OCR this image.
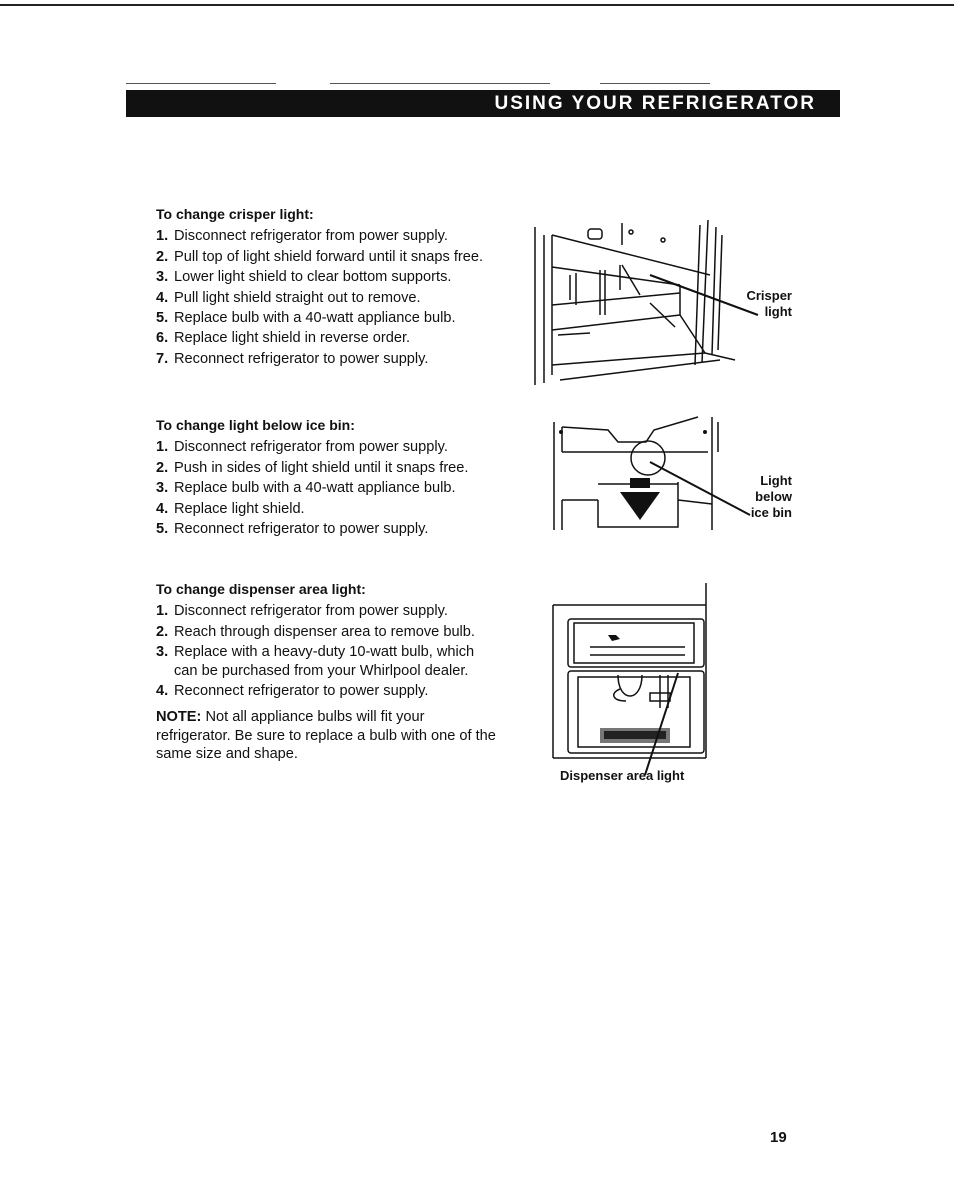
USING YOUR REFRIGERATOR
To change crisper light:
1. Disconnect refrigerator from power supply.
2. Pull top of light shield forward until it snaps free.
3. Lower light shield to clear bottom supports.
4. Pull light shield straight out to remove.
5. Replace bulb with a 40-watt appliance bulb.
6. Replace light shield in reverse order.
7. Reconnect refrigerator to power supply.
To change light below ice bin:
1. Disconnect refrigerator from power supply.
2. Push in sides of light shield until it snaps free.
3. Replace bulb with a 40-watt appliance bulb.
4. Replace light shield.
5. Reconnect refrigerator to power supply.
To change dispenser area light:
1. Disconnect refrigerator from power supply.
2. Reach through dispenser area to remove bulb.
3. Replace with a heavy-duty 10-watt bulb, which can be purchased from your Whirlpool dealer.
4. Reconnect refrigerator to power supply.
NOTE: Not all appliance bulbs will fit your refrigerator. Be sure to replace a bulb with one of the same size and shape.
Crisper
light
Light
below
ice bin
Dispenser area light
19
